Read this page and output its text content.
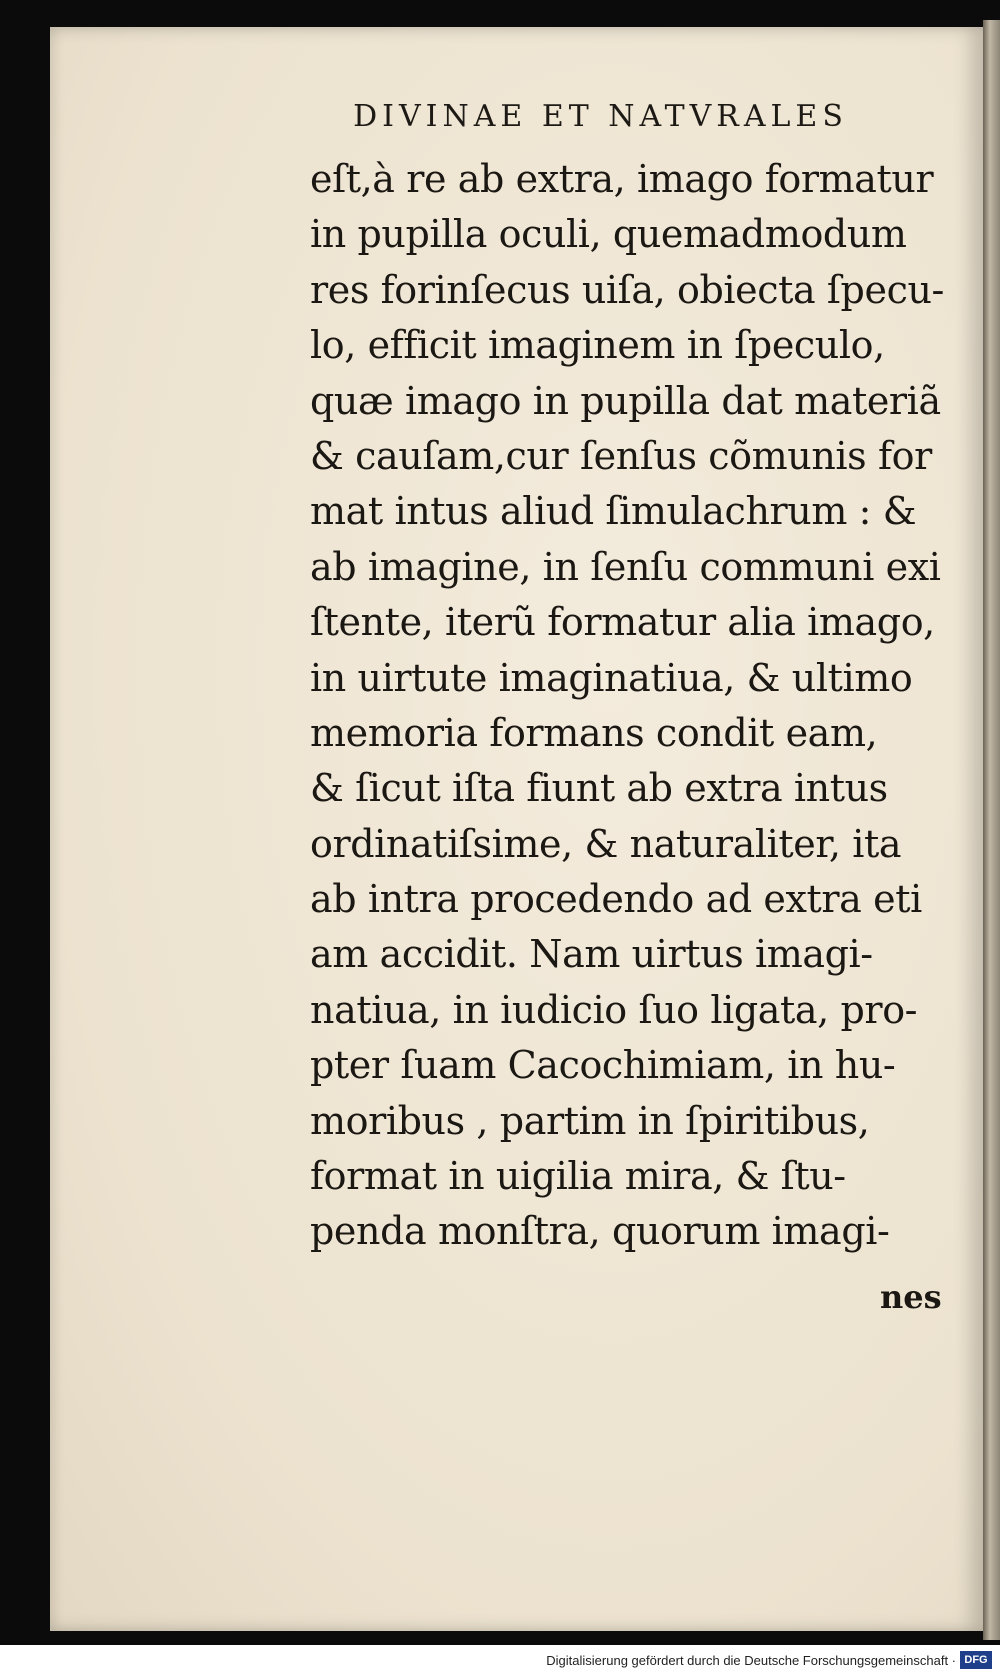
DIVINAE ET NATVRALES
eſt,à re ab extra, imago formatur
in pupilla oculi, quemadmodum
res forinſecus uiſa, obiecta ſpecu-
lo, efficit imaginem in ſpeculo,
quæ imago in pupilla dat materiã
& cauſam,cur ſenſus cõmunis for
mat intus aliud ſimulachrum : &
ab imagine, in ſenſu communi exi
ſtente, iterũ formatur alia imago,
in uirtute imaginatiua, & ultimo
memoria formans condit eam,
& ſicut iſta fiunt ab extra intus
ordinatiſsime, & naturaliter, ita
ab intra procedendo ad extra eti
am accidit. Nam uirtus imagi-
natiua, in iudicio ſuo ligata, pro-
pter ſuam Cacochimiam, in hu-
moribus , partim in ſpiritibus,
format in uigilia mira, & ſtu-
penda monſtra, quorum imagi-
nes
Digitalisierung gefördert durch die Deutsche Forschungsgemeinschaft · DFG
